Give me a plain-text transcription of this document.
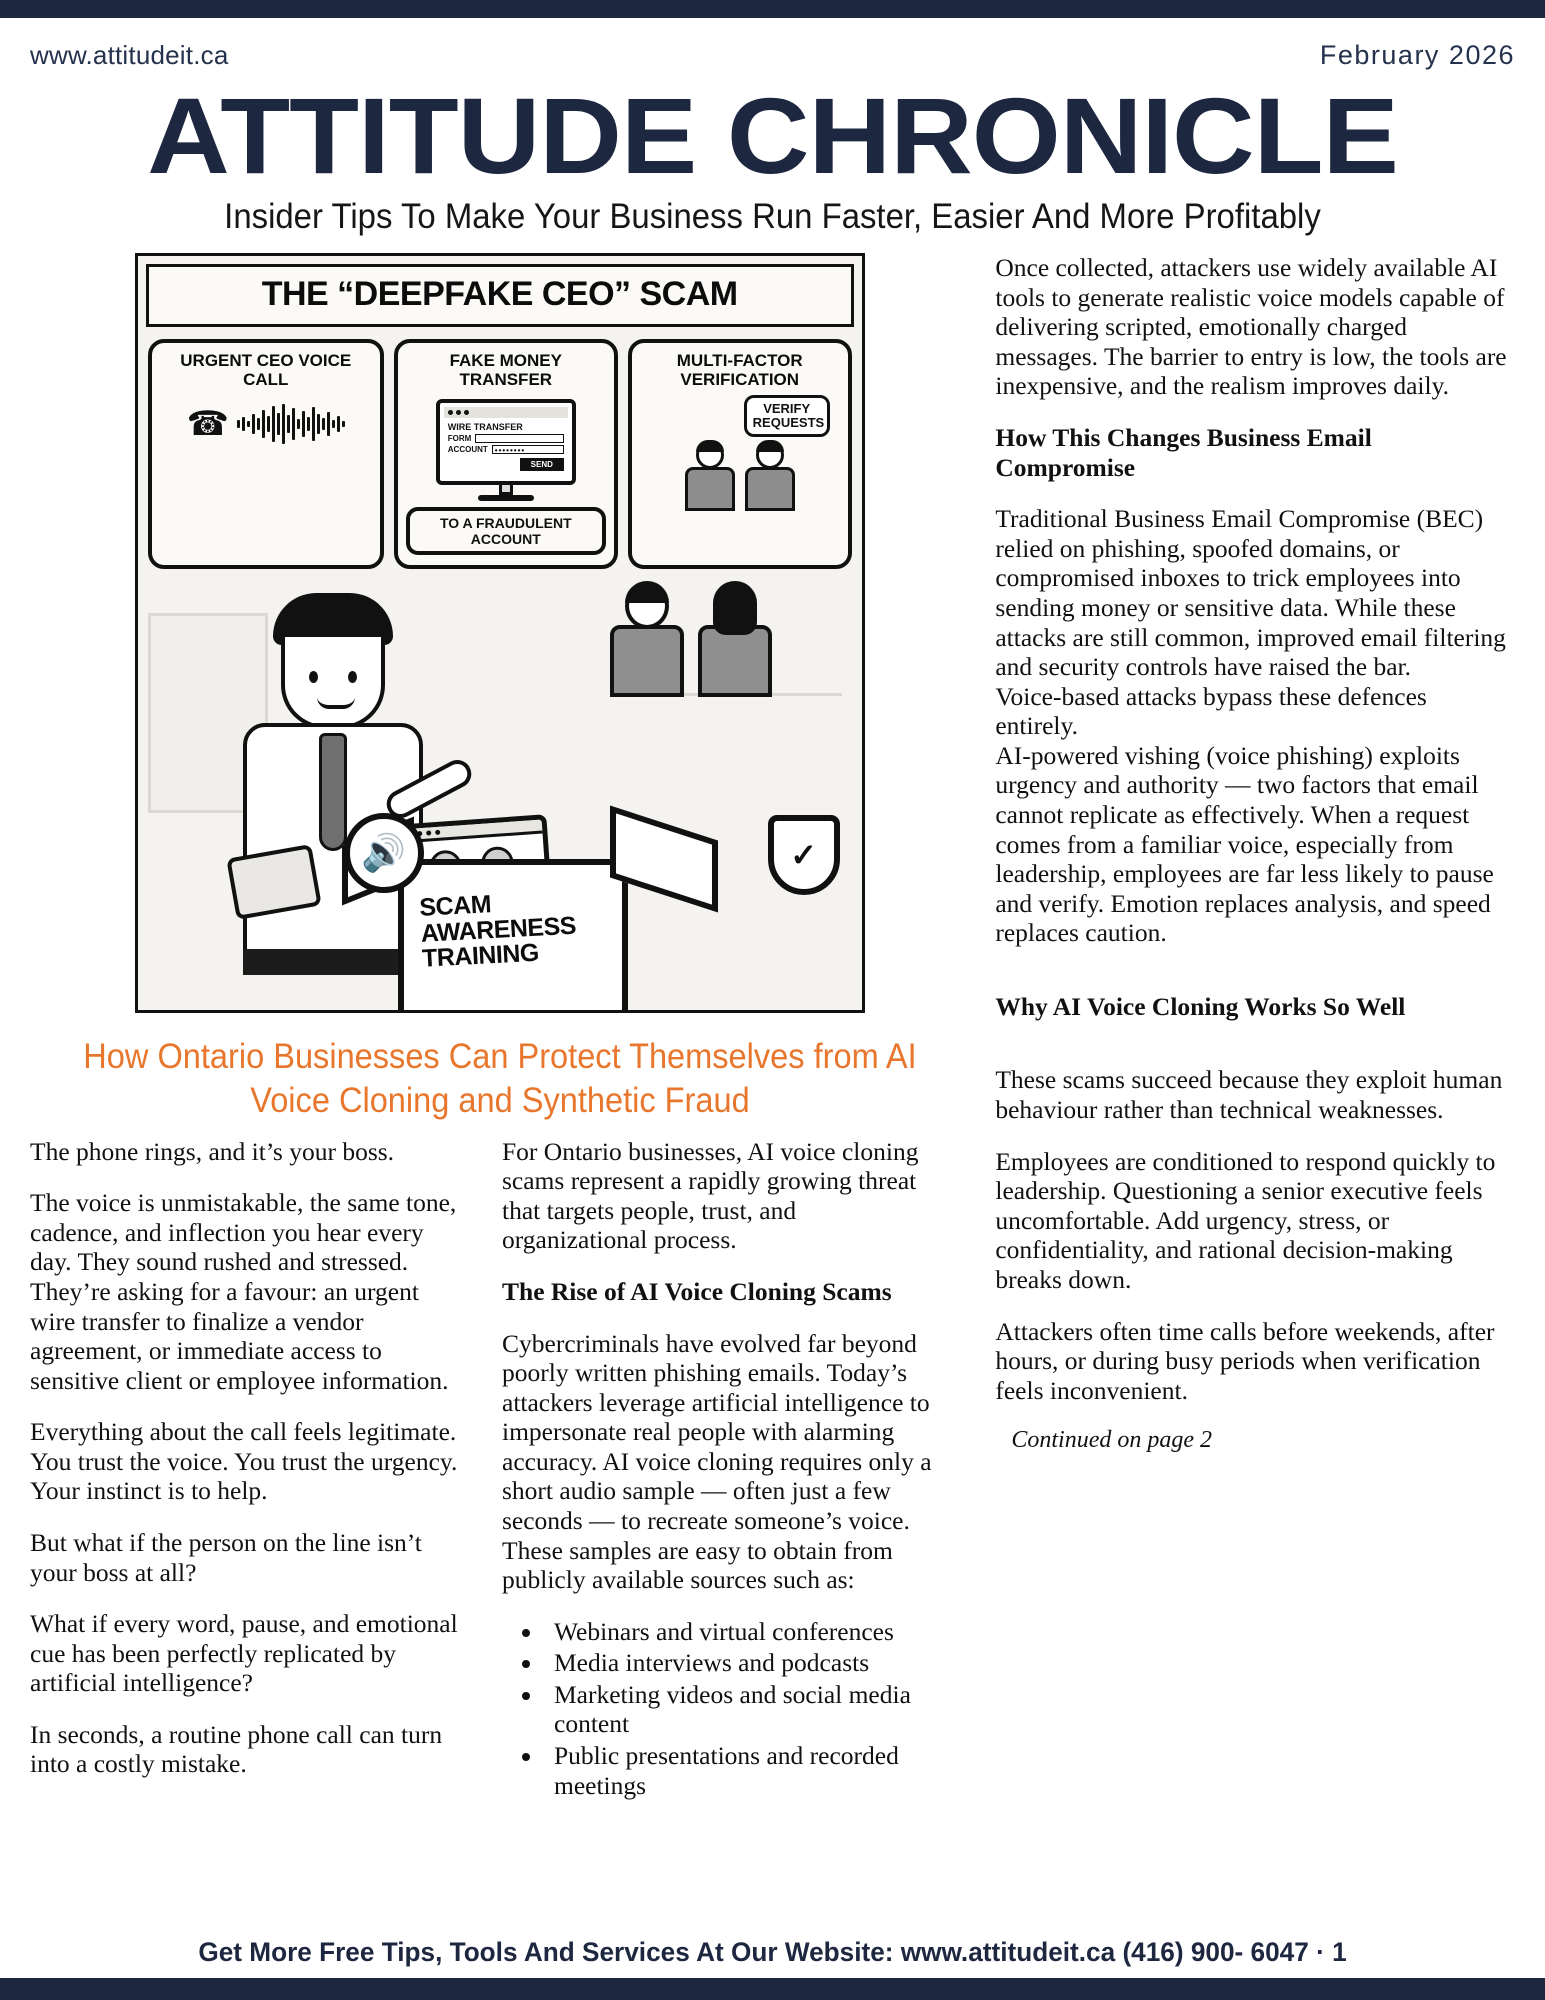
www.attitudeit.ca	February 2026
ATTITUDE CHRONICLE
Insider Tips To Make Your Business Run Faster, Easier And More Profitably
THE “DEEPFAKE CEO” SCAM
URGENT CEO VOICE CALL
☎
FAKE MONEY TRANSFER
WIRE TRANSFER
FORM
ACCOUNT ••••••••
SEND
TO A FRAUDULENT ACCOUNT
MULTI-FACTOR VERIFICATION
VERIFY REQUESTS
SCAM AWARENESS TRAINING
🔊	✓
How Ontario Businesses Can Protect Themselves from AI Voice Cloning and Synthetic Fraud

The phone rings, and it’s your boss.

The voice is unmistakable, the same tone, cadence, and inflection you hear every day. They sound rushed and stressed. They’re asking for a favour: an urgent wire transfer to finalize a vendor agreement, or immediate access to sensitive client or employee information.

Everything about the call feels legitimate. You trust the voice. You trust the urgency. Your instinct is to help.

But what if the person on the line isn’t your boss at all?

What if every word, pause, and emotional cue has been perfectly replicated by artificial intelligence?

In seconds, a routine phone call can turn into a costly mistake.

For Ontario businesses, AI voice cloning scams represent a rapidly growing threat that targets people, trust, and organizational process.

The Rise of AI Voice Cloning Scams

Cybercriminals have evolved far beyond poorly written phishing emails. Today’s attackers leverage artificial intelligence to impersonate real people with alarming accuracy. AI voice cloning requires only a short audio sample — often just a few seconds — to recreate someone’s voice. These samples are easy to obtain from publicly available sources such as:

• Webinars and virtual conferences
• Media interviews and podcasts
• Marketing videos and social media content
• Public presentations and recorded meetings

Once collected, attackers use widely available AI tools to generate realistic voice models capable of delivering scripted, emotionally charged messages. The barrier to entry is low, the tools are inexpensive, and the realism improves daily.

How This Changes Business Email Compromise

Traditional Business Email Compromise (BEC) relied on phishing, spoofed domains, or compromised inboxes to trick employees into sending money or sensitive data. While these attacks are still common, improved email filtering and security controls have raised the bar.

Voice-based attacks bypass these defences entirely.

AI-powered vishing (voice phishing) exploits urgency and authority — two factors that email cannot replicate as effectively. When a request comes from a familiar voice, especially from leadership, employees are far less likely to pause and verify. Emotion replaces analysis, and speed replaces caution.

Why AI Voice Cloning Works So Well

These scams succeed because they exploit human behaviour rather than technical weaknesses.

Employees are conditioned to respond quickly to leadership. Questioning a senior executive feels uncomfortable. Add urgency, stress, or confidentiality, and rational decision-making breaks down.

Attackers often time calls before weekends, after hours, or during busy periods when verification feels inconvenient.

Continued on page 2

Get More Free Tips, Tools And Services At Our Website: www.attitudeit.ca (416) 900- 6047 · 1
